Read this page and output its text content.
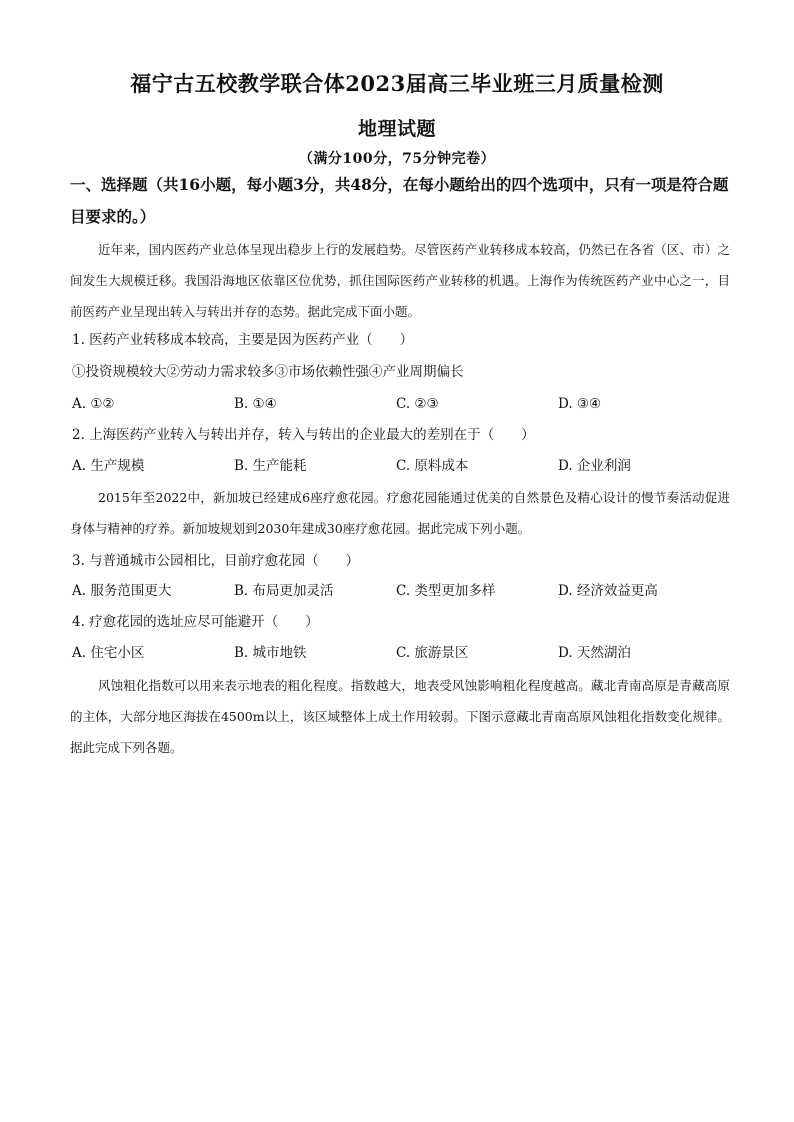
福宁古五校教学联合体2023届高三毕业班三月质量检测
地理试题
（满分100分，75分钟完卷）
一、选择题（共16小题，每小题3分，共48分，在每小题给出的四个选项中，只有一项是符合题目要求的。）
近年来，国内医药产业总体呈现出稳步上行的发展趋势。尽管医药产业转移成本较高，仍然已在各省（区、市）之间发生大规模迁移。我国沿海地区依靠区位优势，抓住国际医药产业转移的机遇。上海作为传统医药产业中心之一，目前医药产业呈现出转入与转出并存的态势。据此完成下面小题。
1. 医药产业转移成本较高，主要是因为医药产业（　　）
①投资规模较大②劳动力需求较多③市场依赖性强④产业周期偏长
A. ①②	B. ①④	C. ②③	D. ③④
2. 上海医药产业转入与转出并存，转入与转出的企业最大的差别在于（　　）
A. 生产规模	B. 生产能耗	C. 原料成本	D. 企业利润
2015年至2022中，新加坡已经建成6座疗愈花园。疗愈花园能通过优美的自然景色及精心设计的慢节奏活动促进身体与精神的疗养。新加坡规划到2030年建成30座疗愈花园。据此完成下列小题。
3. 与普通城市公园相比，目前疗愈花园（　　）
A. 服务范围更大	B. 布局更加灵活	C. 类型更加多样	D. 经济效益更高
4. 疗愈花园的选址应尽可能避开（　　）
A. 住宅小区	B. 城市地铁	C. 旅游景区	D. 天然湖泊
风蚀粗化指数可以用来表示地表的粗化程度。指数越大，地表受风蚀影响粗化程度越高。藏北青南高原是青藏高原的主体，大部分地区海拔在4500m以上，该区域整体上成土作用较弱。下图示意藏北青南高原风蚀粗化指数变化规律。据此完成下列各题。
